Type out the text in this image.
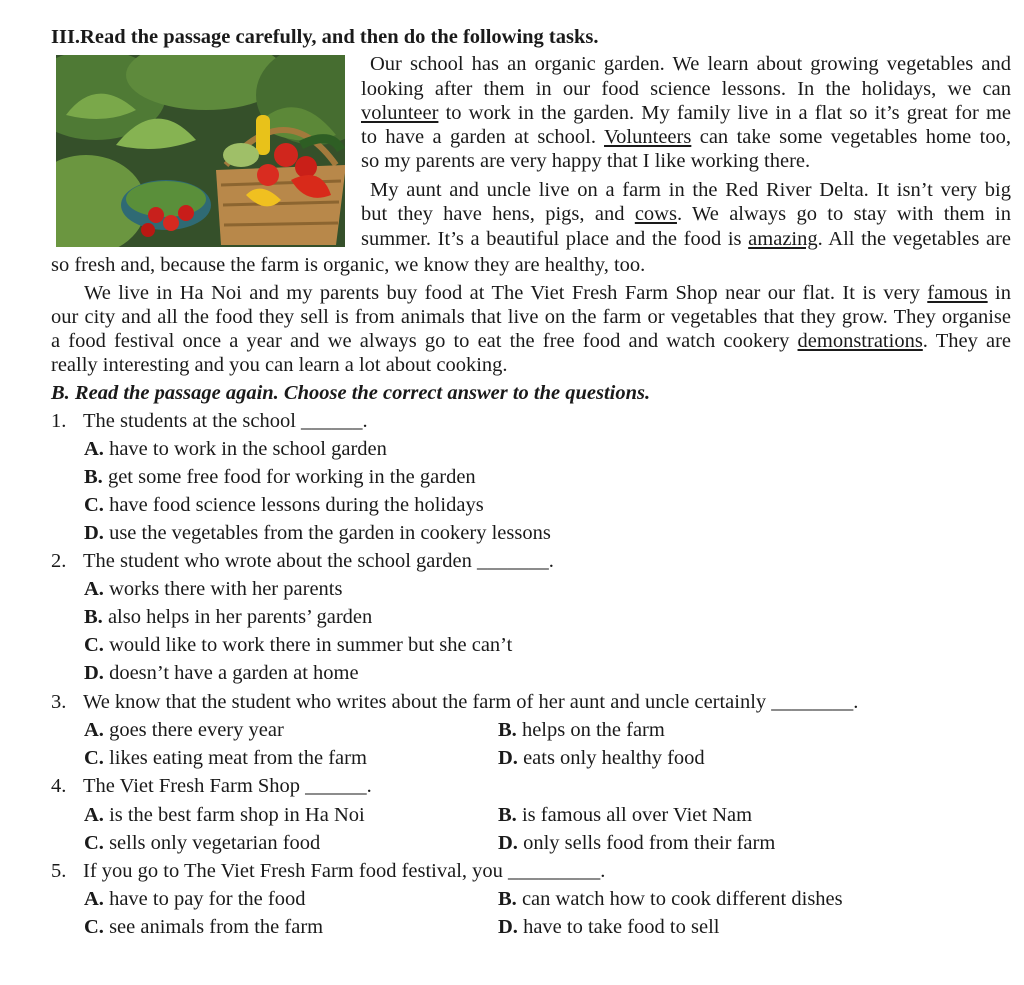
III.Read the passage carefully, and then do the following tasks.
Our school has an organic garden. We learn about growing vegetables and
looking after them in our food science lessons. In the holidays, we can
volunteer to work in the garden. My family live in a flat so it’s great for me
to have a garden at school. Volunteers can take some vegetables home too,
so my parents are very happy that I like working there.
My aunt and uncle live on a farm in the Red River Delta. It isn’t very big
but they have hens, pigs, and cows. We always go to stay with them in
summer. It’s a beautiful place and the food is amazing. All the vegetables are
so fresh and, because the farm is organic, we know they are healthy, too.
We live in Ha Noi and my parents buy food at The Viet Fresh Farm Shop near our flat. It is very famous in
our city and all the food they sell is from animals that live on the farm or vegetables that they grow. They organise
a food festival once a year and we always go to eat the free food and watch cookery demonstrations. They are
really interesting and you can learn a lot about cooking.
B. Read the passage again. Choose the correct answer to the questions.
1. The students at the school ______.
A. have to work in the school garden
B. get some free food for working in the garden
C. have food science lessons during the holidays
D. use the vegetables from the garden in cookery lessons
2. The student who wrote about the school garden _______.
A. works there with her parents
B. also helps in her parents’ garden
C. would like to work there in summer but she can’t
D. doesn’t have a garden at home
3. We know that the student who writes about the farm of her aunt and uncle certainly ________.
A. goes there every year	B. helps on the farm
C. likes eating meat from the farm	D. eats only healthy food
4. The Viet Fresh Farm Shop ______.
A. is the best farm shop in Ha Noi	B. is famous all over Viet Nam
C. sells only vegetarian food	D. only sells food from their farm
5. If you go to The Viet Fresh Farm food festival, you _________.
A. have to pay for the food	B. can watch how to cook different dishes
C. see animals from the farm	D. have to take food to sell
